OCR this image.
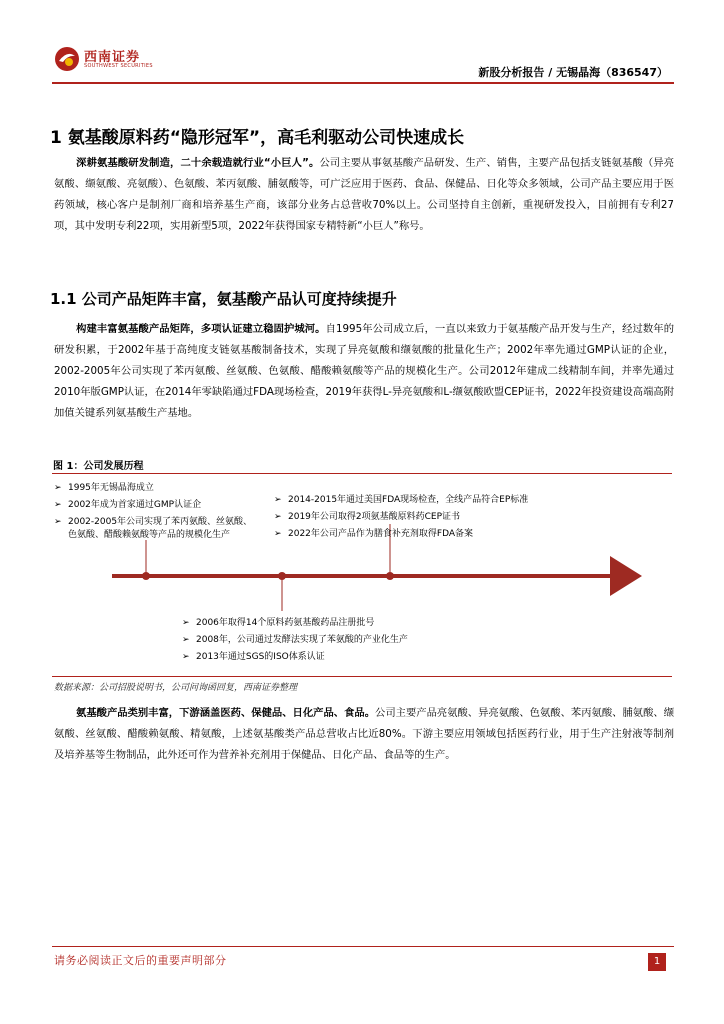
西南证券
SOUTHWEST SECURITIES	新股分析报告 / 无锡晶海（836547）
1 氨基酸原料药“隐形冠军”，高毛利驱动公司快速成长
深耕氨基酸研发制造，二十余载造就行业“小巨人”。公司主要从事氨基酸产品研发、生产、销售，主要产品包括支链氨基酸（异亮氨酸、缬氨酸、亮氨酸）、色氨酸、苯丙氨酸、脯氨酸等，可广泛应用于医药、食品、保健品、日化等众多领域，公司产品主要应用于医药领域，核心客户是制剂厂商和培养基生产商，该部分业务占总营收70%以上。公司坚持自主创新，重视研发投入，目前拥有专利27项，其中发明专利22项，实用新型5项，2022年获得国家专精特新“小巨人”称号。
1.1 公司产品矩阵丰富，氨基酸产品认可度持续提升
构建丰富氨基酸产品矩阵，多项认证建立稳固护城河。自1995年公司成立后，一直以来致力于氨基酸产品开发与生产，经过数年的研发积累，于2002年基于高纯度支链氨基酸制备技术，实现了异亮氨酸和缬氨酸的批量化生产；2002年率先通过GMP认证的企业，2002-2005年公司实现了苯丙氨酸、丝氨酸、色氨酸、醋酸赖氨酸等产品的规模化生产。公司2012年建成二线精制车间，并率先通过2010年版GMP认证，在2014年零缺陷通过FDA现场检查，2019年获得L-异亮氨酸和L-缬氨酸欧盟CEP证书，2022年投资建设高端高附加值关键系列氨基酸生产基地。
图 1：公司发展历程
➢ 1995年无锡晶海成立
➢ 2002年成为首家通过GMP认证企
➢ 2002-2005年公司实现了苯丙氨酸、丝氨酸、
色氨酸、醋酸赖氨酸等产品的规模化生产
➢ 2014-2015年通过美国FDA现场检查，全线产品符合EP标准
➢ 2019年公司取得2项氨基酸原料药CEP证书
➢ 2022年公司产品作为膳食补充剂取得FDA备案
➢ 2006年取得14个原料药氨基酸药品注册批号
➢ 2008年，公司通过发酵法实现了苯氨酸的产业化生产
➢ 2013年通过SGS的ISO体系认证
数据来源：公司招股说明书，公司问询函回复，西南证券整理
氨基酸产品类别丰富，下游涵盖医药、保健品、日化产品、食品。公司主要产品亮氨酸、异亮氨酸、色氨酸、苯丙氨酸、脯氨酸、缬氨酸、丝氨酸、醋酸赖氨酸、精氨酸，上述氨基酸类产品总营收占比近80%。下游主要应用领域包括医药行业，用于生产注射液等制剂及培养基等生物制品，此外还可作为营养补充剂用于保健品、日化产品、食品等的生产。
请务必阅读正文后的重要声明部分	1
